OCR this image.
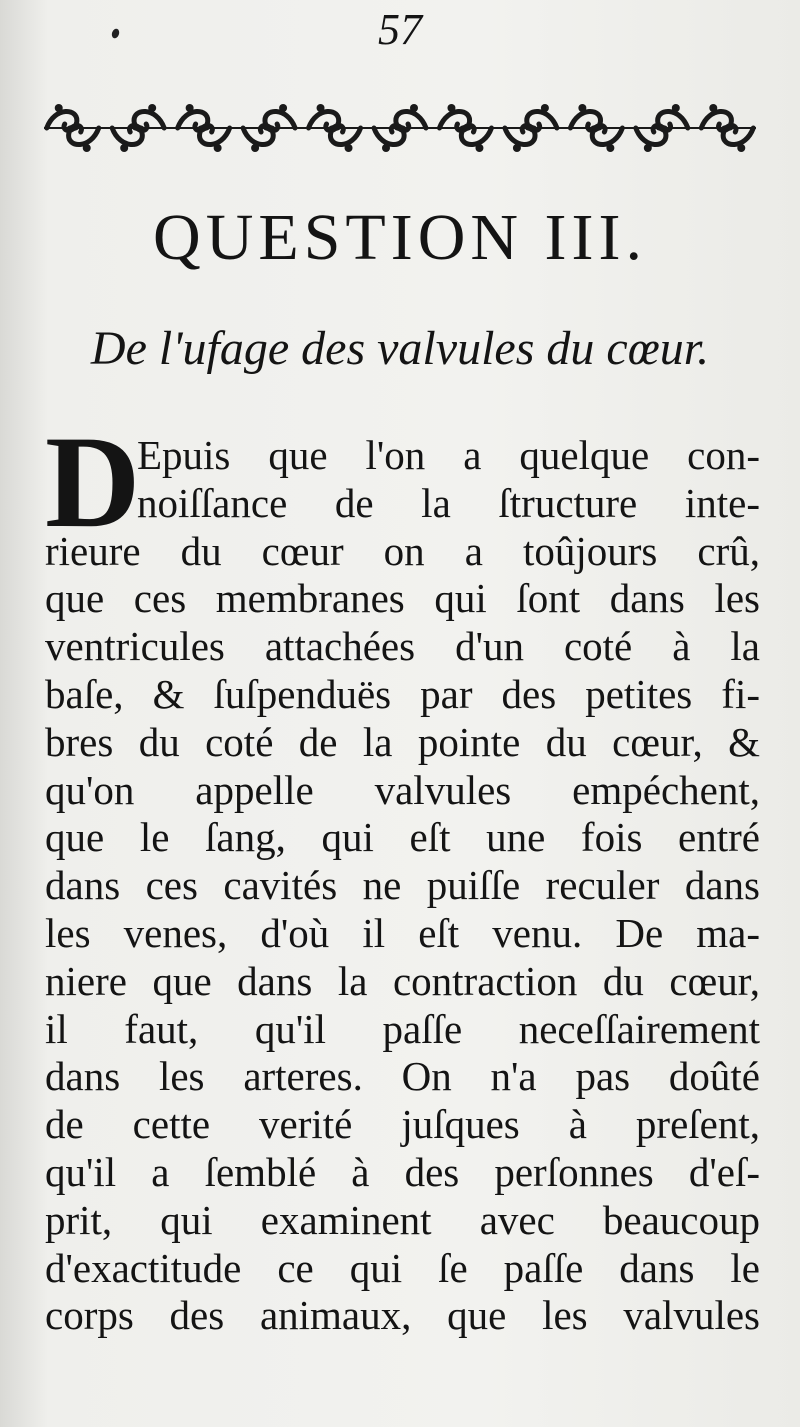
57
QUESTION III.
De l'ufage des valvules du cœur.
D
Epuis que l'on a quelque con-
noiſſance de la ſtructure inte-
rieure du cœur on a toûjours crû,
que ces membranes qui ſont dans les
ventricules attachées d'un coté à la
baſe, & ſuſpenduës par des petites fi-
bres du coté de la pointe du cœur, &
qu'on appelle valvules empéchent,
que le ſang, qui eſt une fois entré
dans ces cavités ne puiſſe reculer dans
les venes, d'où il eſt venu. De ma-
niere que dans la contraction du cœur,
il faut, qu'il paſſe neceſſairement
dans les arteres. On n'a pas doûté
de cette verité juſques à preſent,
qu'il a ſemblé à des perſonnes d'eſ-
prit, qui examinent avec beaucoup
d'exactitude ce qui ſe paſſe dans le
corps des animaux, que les valvules
